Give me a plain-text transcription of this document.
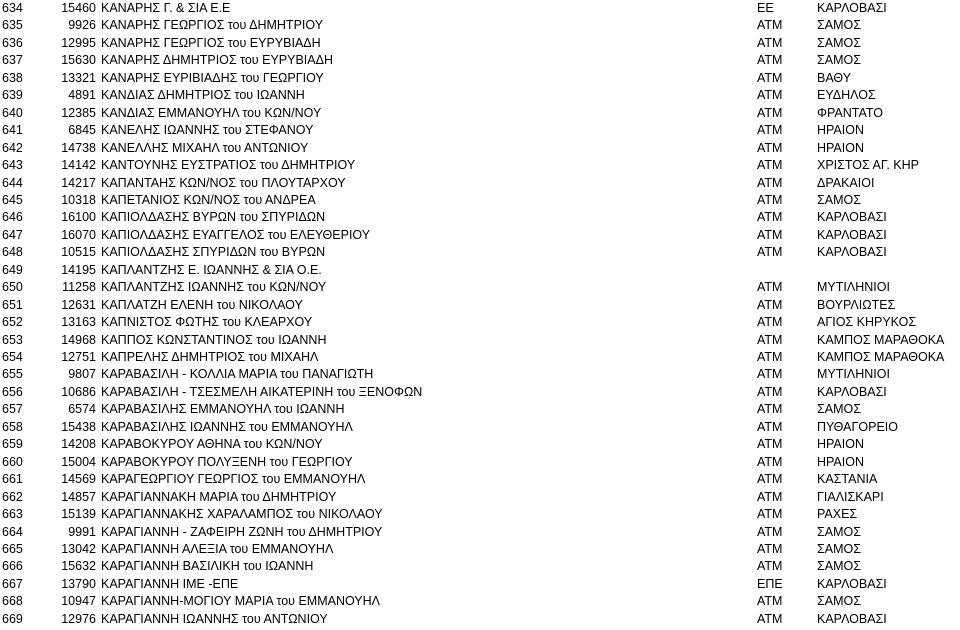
634	15460 ΚΑΝΑΡΗΣ Γ. & ΣΙΑ Ε.Ε	ΕΕ	ΚΑΡΛΟΒΑΣΙ
635	9926 ΚΑΝΑΡΗΣ ΓΕΩΡΓΙΟΣ του ΔΗΜΗΤΡΙΟΥ	ΑΤΜ	ΣΑΜΟΣ
636	12995 ΚΑΝΑΡΗΣ ΓΕΩΡΓΙΟΣ του ΕΥΡΥΒΙΑΔΗ	ΑΤΜ	ΣΑΜΟΣ
637	15630 ΚΑΝΑΡΗΣ ΔΗΜΗΤΡΙΟΣ του ΕΥΡΥΒΙΑΔΗ	ΑΤΜ	ΣΑΜΟΣ
638	13321 ΚΑΝΑΡΗΣ ΕΥΡΙΒΙΑΔΗΣ του ΓΕΩΡΓΙΟΥ	ΑΤΜ	ΒΑΘΥ
639	4891 ΚΑΝΔΙΑΣ ΔΗΜΗΤΡΙΟΣ του ΙΩΑΝΝΗ	ΑΤΜ	ΕΥΔΗΛΟΣ
640	12385 ΚΑΝΔΙΑΣ ΕΜΜΑΝΟΥΗΛ του ΚΩΝ/ΝΟΥ	ΑΤΜ	ΦΡΑΝΤΑΤΟ
641	6845 ΚΑΝΕΛΗΣ ΙΩΑΝΝΗΣ του ΣΤΕΦΑΝΟΥ	ΑΤΜ	ΗΡΑΙΟΝ
642	14738 ΚΑΝΕΛΛΗΣ ΜΙΧΑΗΛ του ΑΝΤΩΝΙΟΥ	ΑΤΜ	ΗΡΑΙΟΝ
643	14142 ΚΑΝΤΟΥΝΗΣ ΕΥΣΤΡΑΤΙΟΣ του ΔΗΜΗΤΡΙΟΥ	ΑΤΜ	ΧΡΙΣΤΟΣ ΑΓ. ΚΗΡ
644	14217 ΚΑΠΑΝΤΑΗΣ ΚΩΝ/ΝΟΣ του ΠΛΟΥΤΑΡΧΟΥ	ΑΤΜ	ΔΡΑΚΑΙΟΙ
645	10318 ΚΑΠΕΤΑΝΙΟΣ ΚΩΝ/ΝΟΣ του ΑΝΔΡΕΑ	ΑΤΜ	ΣΑΜΟΣ
646	16100 ΚΑΠΙΟΛΔΑΣΗΣ ΒΥΡΩΝ του ΣΠΥΡΙΔΩΝ	ΑΤΜ	ΚΑΡΛΟΒΑΣΙ
647	16070 ΚΑΠΙΟΛΔΑΣΗΣ ΕΥΑΓΓΕΛΟΣ του ΕΛΕΥΘΕΡΙΟΥ	ΑΤΜ	ΚΑΡΛΟΒΑΣΙ
648	10515 ΚΑΠΙΟΛΔΑΣΗΣ ΣΠΥΡΙΔΩΝ του ΒΥΡΩΝ	ΑΤΜ	ΚΑΡΛΟΒΑΣΙ
649	14195 ΚΑΠΛΑΝΤΖΗΣ Ε. ΙΩΑΝΝΗΣ & ΣΙΑ Ο.Ε.
650	11258 ΚΑΠΛΑΝΤΖΗΣ ΙΩΑΝΝΗΣ του ΚΩΝ/ΝΟΥ	ΑΤΜ	ΜΥΤΙΛΗΝΙΟΙ
651	12631 ΚΑΠΛΑΤΖΗ ΕΛΕΝΗ του ΝΙΚΟΛΑΟΥ	ΑΤΜ	ΒΟΥΡΛΙΩΤΕΣ
652	13163 ΚΑΠΝΙΣΤΟΣ ΦΩΤΗΣ του ΚΛΕΑΡΧΟΥ	ΑΤΜ	ΑΓΙΟΣ ΚΗΡΥΚΟΣ
653	14968 ΚΑΠΠΟΣ ΚΩΝΣΤΑΝΤΙΝΟΣ του ΙΩΑΝΝΗ	ΑΤΜ	ΚΑΜΠΟΣ ΜΑΡΑΘΟΚΑ
654	12751 ΚΑΠΡΕΛΗΣ ΔΗΜΗΤΡΙΟΣ του ΜΙΧΑΗΛ	ΑΤΜ	ΚΑΜΠΟΣ ΜΑΡΑΘΟΚΑ
655	9807 ΚΑΡΑΒΑΣΙΛΗ - ΚΟΛΛΙΑ ΜΑΡΙΑ του ΠΑΝΑΓΙΩΤΗ	ΑΤΜ	ΜΥΤΙΛΗΝΙΟΙ
656	10686 ΚΑΡΑΒΑΣΙΛΗ - ΤΣΕΣΜΕΛΗ ΑΙΚΑΤΕΡΙΝΗ του ΞΕΝΟΦΩΝ	ΑΤΜ	ΚΑΡΛΟΒΑΣΙ
657	6574 ΚΑΡΑΒΑΣΙΛΗΣ ΕΜΜΑΝΟΥΗΛ του ΙΩΑΝΝΗ	ΑΤΜ	ΣΑΜΟΣ
658	15438 ΚΑΡΑΒΑΣΙΛΗΣ ΙΩΑΝΝΗΣ του ΕΜΜΑΝΟΥΗΛ	ΑΤΜ	ΠΥΘΑΓΟΡΕΙΟ
659	14208 ΚΑΡΑΒΟΚΥΡΟΥ ΑΘΗΝΑ του ΚΩΝ/ΝΟΥ	ΑΤΜ	ΗΡΑΙΟΝ
660	15004 ΚΑΡΑΒΟΚΥΡΟΥ ΠΟΛΥΞΕΝΗ του ΓΕΩΡΓΙΟΥ	ΑΤΜ	ΗΡΑΙΟΝ
661	14569 ΚΑΡΑΓΕΩΡΓΙΟΥ ΓΕΩΡΓΙΟΣ του ΕΜΜΑΝΟΥΗΛ	ΑΤΜ	ΚΑΣΤΑΝΙΑ
662	14857 ΚΑΡΑΓΙΑΝΝΑΚΗ ΜΑΡΙΑ του ΔΗΜΗΤΡΙΟΥ	ΑΤΜ	ΓΙΑΛΙΣΚΑΡΙ
663	15139 ΚΑΡΑΓΙΑΝΝΑΚΗΣ ΧΑΡΑΛΑΜΠΟΣ του ΝΙΚΟΛΑΟΥ	ΑΤΜ	ΡΑΧΕΣ
664	9991 ΚΑΡΑΓΙΑΝΝΗ - ΖΑΦΕΙΡΗ ΖΩΝΗ του ΔΗΜΗΤΡΙΟΥ	ΑΤΜ	ΣΑΜΟΣ
665	13042 ΚΑΡΑΓΙΑΝΝΗ ΑΛΕΞΙΑ του ΕΜΜΑΝΟΥΗΛ	ΑΤΜ	ΣΑΜΟΣ
666	15632 ΚΑΡΑΓΙΑΝΝΗ ΒΑΣΙΛΙΚΗ του ΙΩΑΝΝΗ	ΑΤΜ	ΣΑΜΟΣ
667	13790 ΚΑΡΑΓΙΑΝΝΗ ΙΜΕ -ΕΠΕ	ΕΠΕ	ΚΑΡΛΟΒΑΣΙ
668	10947 ΚΑΡΑΓΙΑΝΝΗ-ΜΟΓΙΟΥ ΜΑΡΙΑ του ΕΜΜΑΝΟΥΗΛ	ΑΤΜ	ΣΑΜΟΣ
669	12976 ΚΑΡΑΓΙΑΝΝΗ ΙΩΑΝΝΗΣ του ΑΝΤΩΝΙΟΥ	ΑΤΜ	ΚΑΡΛΟΒΑΣΙ
